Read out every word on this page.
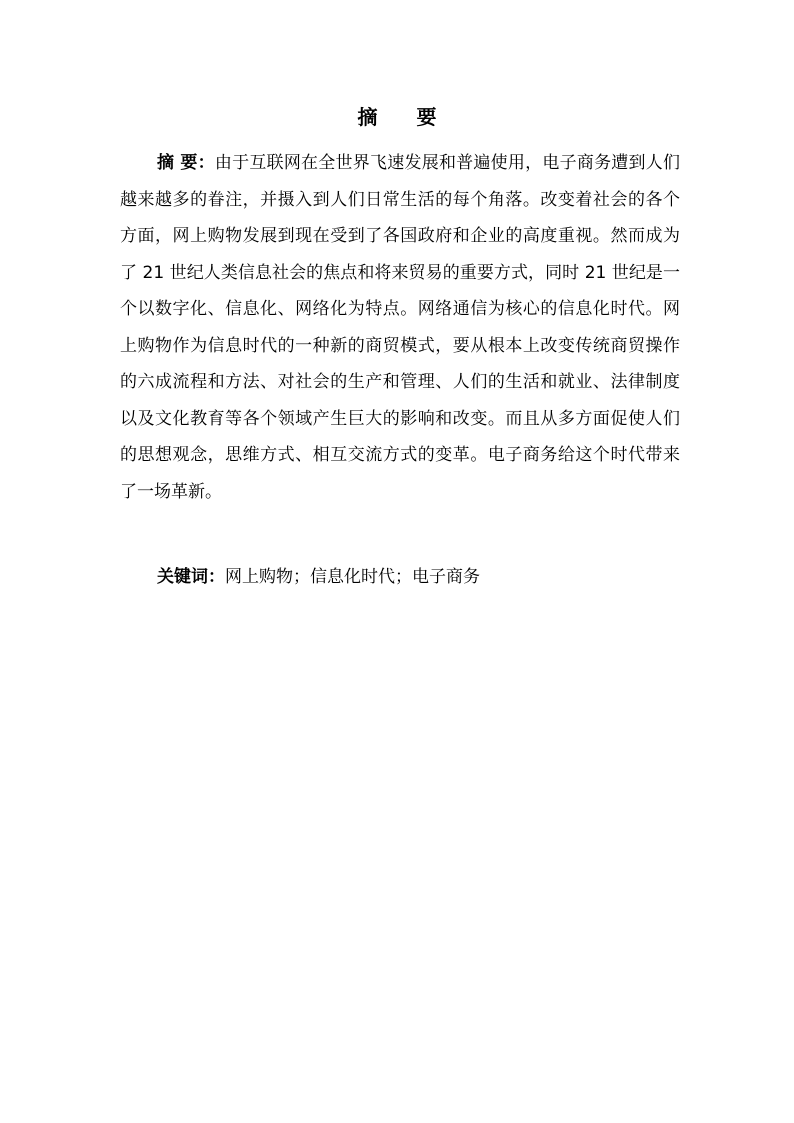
摘 要

摘 要：由于互联网在全世界飞速发展和普遍使用，电子商务遭到人们越来越多的眷注，并摄入到人们日常生活的每个角落。改变着社会的各个方面，网上购物发展到现在受到了各国政府和企业的高度重视。然而成为了 21 世纪人类信息社会的焦点和将来贸易的重要方式，同时 21 世纪是一个以数字化、信息化、网络化为特点。网络通信为核心的信息化时代。网上购物作为信息时代的一种新的商贸模式，要从根本上改变传统商贸操作的六成流程和方法、对社会的生产和管理、人们的生活和就业、法律制度以及文化教育等各个领域产生巨大的影响和改变。而且从多方面促使人们的思想观念，思维方式、相互交流方式的变革。电子商务给这个时代带来了一场革新。

关键词：网上购物；信息化时代；电子商务
